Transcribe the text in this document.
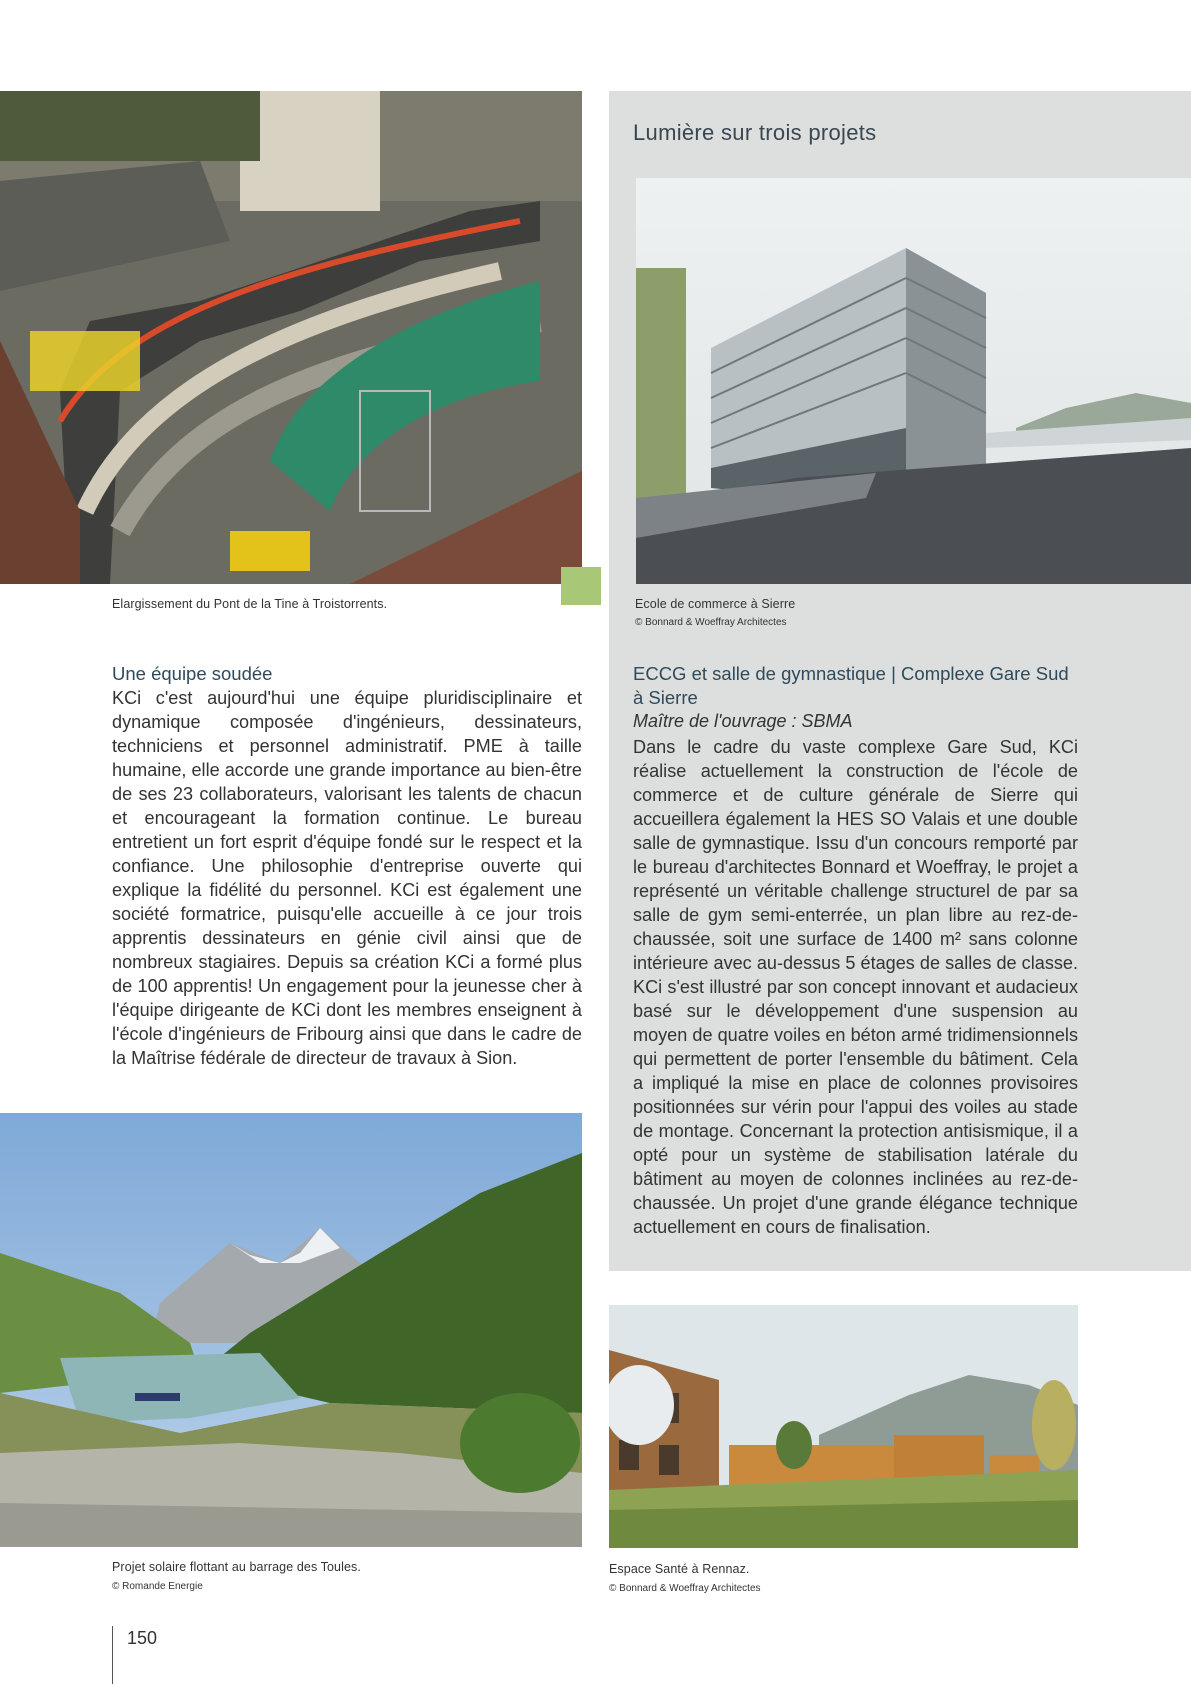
Lumière sur trois projets
Elargissement du Pont de la Tine à Troistorrents.	Ecole de commerce à Sierre
© Bonnard & Woeffray Architectes
Une équipe soudée
KCi c'est aujourd'hui une équipe pluridisciplinaire et dynamique composée d'ingénieurs, dessinateurs, techniciens et personnel administratif. PME à taille humaine, elle accorde une grande importance au bien-être de ses 23 collaborateurs, valorisant les talents de chacun et encourageant la formation continue. Le bureau entretient un fort esprit d'équipe fondé sur le respect et la confiance. Une philosophie d'entreprise ouverte qui explique la fidélité du personnel. KCi est également une société formatrice, puisqu'elle accueille à ce jour trois apprentis dessinateurs en génie civil ainsi que de nombreux stagiaires. Depuis sa création KCi a formé plus de 100 apprentis! Un engagement pour la jeunesse cher à l'équipe dirigeante de KCi dont les membres enseignent à l'école d'ingénieurs de Fribourg ainsi que dans le cadre de la Maîtrise fédérale de directeur de travaux à Sion.
ECCG et salle de gymnastique | Complexe Gare Sud à Sierre
Maître de l'ouvrage : SBMA
Dans le cadre du vaste complexe Gare Sud, KCi réalise actuellement la construction de l'école de commerce et de culture générale de Sierre qui accueillera également la HES SO Valais et une double salle de gymnastique. Issu d'un concours remporté par le bureau d'architectes Bonnard et Woeffray, le projet a représenté un véritable challenge structurel de par sa salle de gym semi-enterrée, un plan libre au rez-de-chaussée, soit une surface de 1400 m² sans colonne intérieure avec au-dessus 5 étages de salles de classe. KCi s'est illustré par son concept innovant et audacieux basé sur le développement d'une suspension au moyen de quatre voiles en béton armé tridimensionnels qui permettent de porter l'ensemble du bâtiment. Cela a impliqué la mise en place de colonnes provisoires positionnées sur vérin pour l'appui des voiles au stade de montage. Concernant la protection antisismique, il a opté pour un système de stabilisation latérale du bâtiment au moyen de colonnes inclinées au rez-de-chaussée. Un projet d'une grande élégance technique actuellement en cours de finalisation.
Projet solaire flottant au barrage des Toules.
© Romande Energie
Espace Santé à Rennaz.
© Bonnard & Woeffray Architectes
150
